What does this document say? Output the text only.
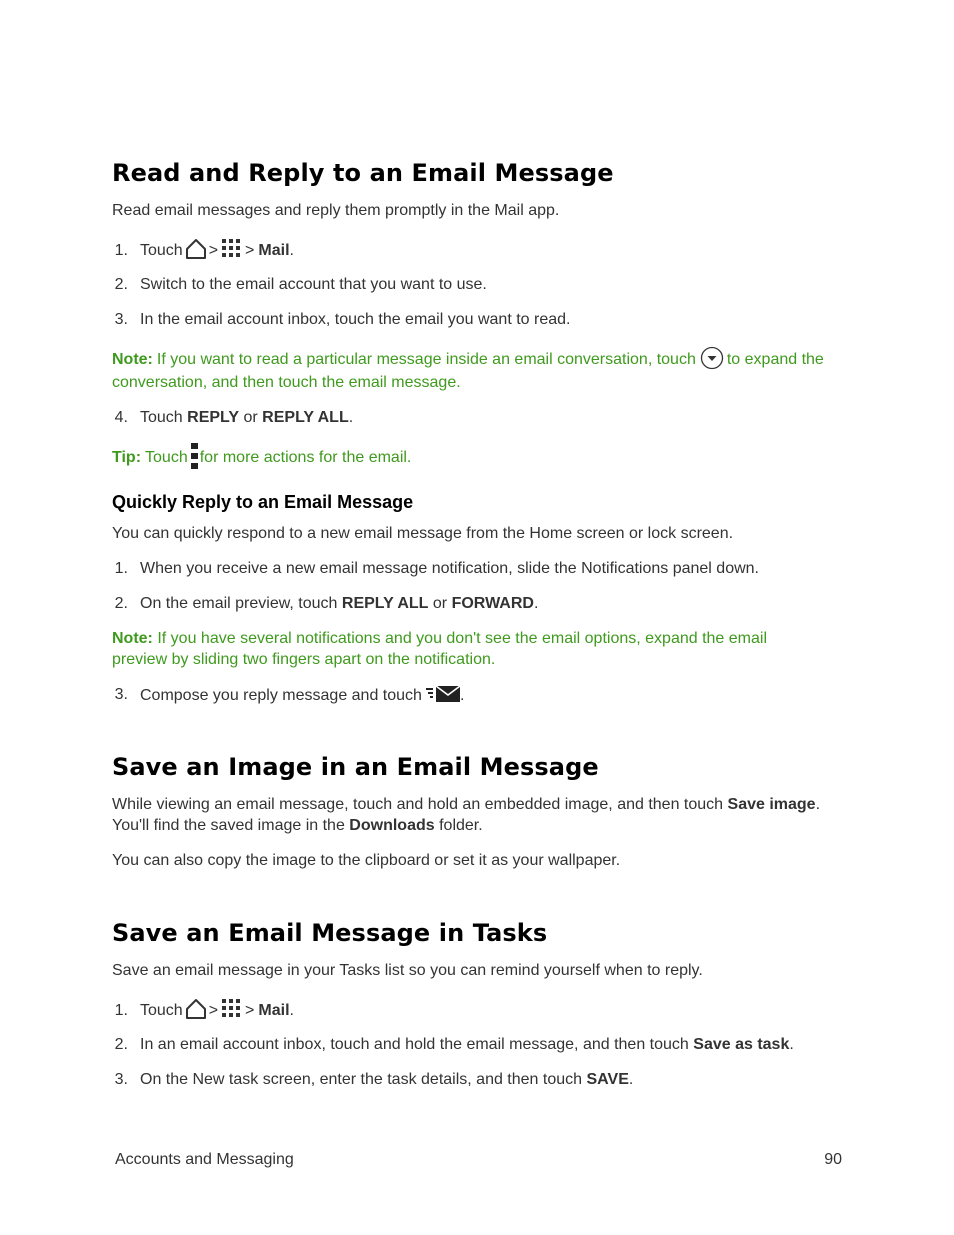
Read and Reply to an Email Message
Read email messages and reply them promptly in the Mail app.
1. Touch > > Mail .
2. Switch to the email account that you want to use.
3. In the email account inbox, touch the email you want to read.
Note: If you want to read a particular message inside an email conversation, touch to expand the
conversation, and then touch the email message.
4. Touch REPLY or REPLY ALL.
Tip: Touch for more actions for the email.
Quickly Reply to an Email Message
You can quickly respond to a new email message from the Home screen or lock screen.
1. When you receive a new email message notification, slide the Notifications panel down.
2. On the email preview, touch REPLY ALL or FORWARD.
Note: If you have several notifications and you don't see the email options, expand the email
preview by sliding two fingers apart on the notification.
3. Compose you reply message and touch .
Save an Image in an Email Message
While viewing an email message, touch and hold an embedded image, and then touch Save image.
You'll find the saved image in the Downloads folder.
You can also copy the image to the clipboard or set it as your wallpaper.
Save an Email Message in Tasks
Save an email message in your Tasks list so you can remind yourself when to reply.
1. Touch > > Mail .
2. In an email account inbox, touch and hold the email message, and then touch Save as task.
3. On the New task screen, enter the task details, and then touch SAVE.
Accounts and Messaging	90
